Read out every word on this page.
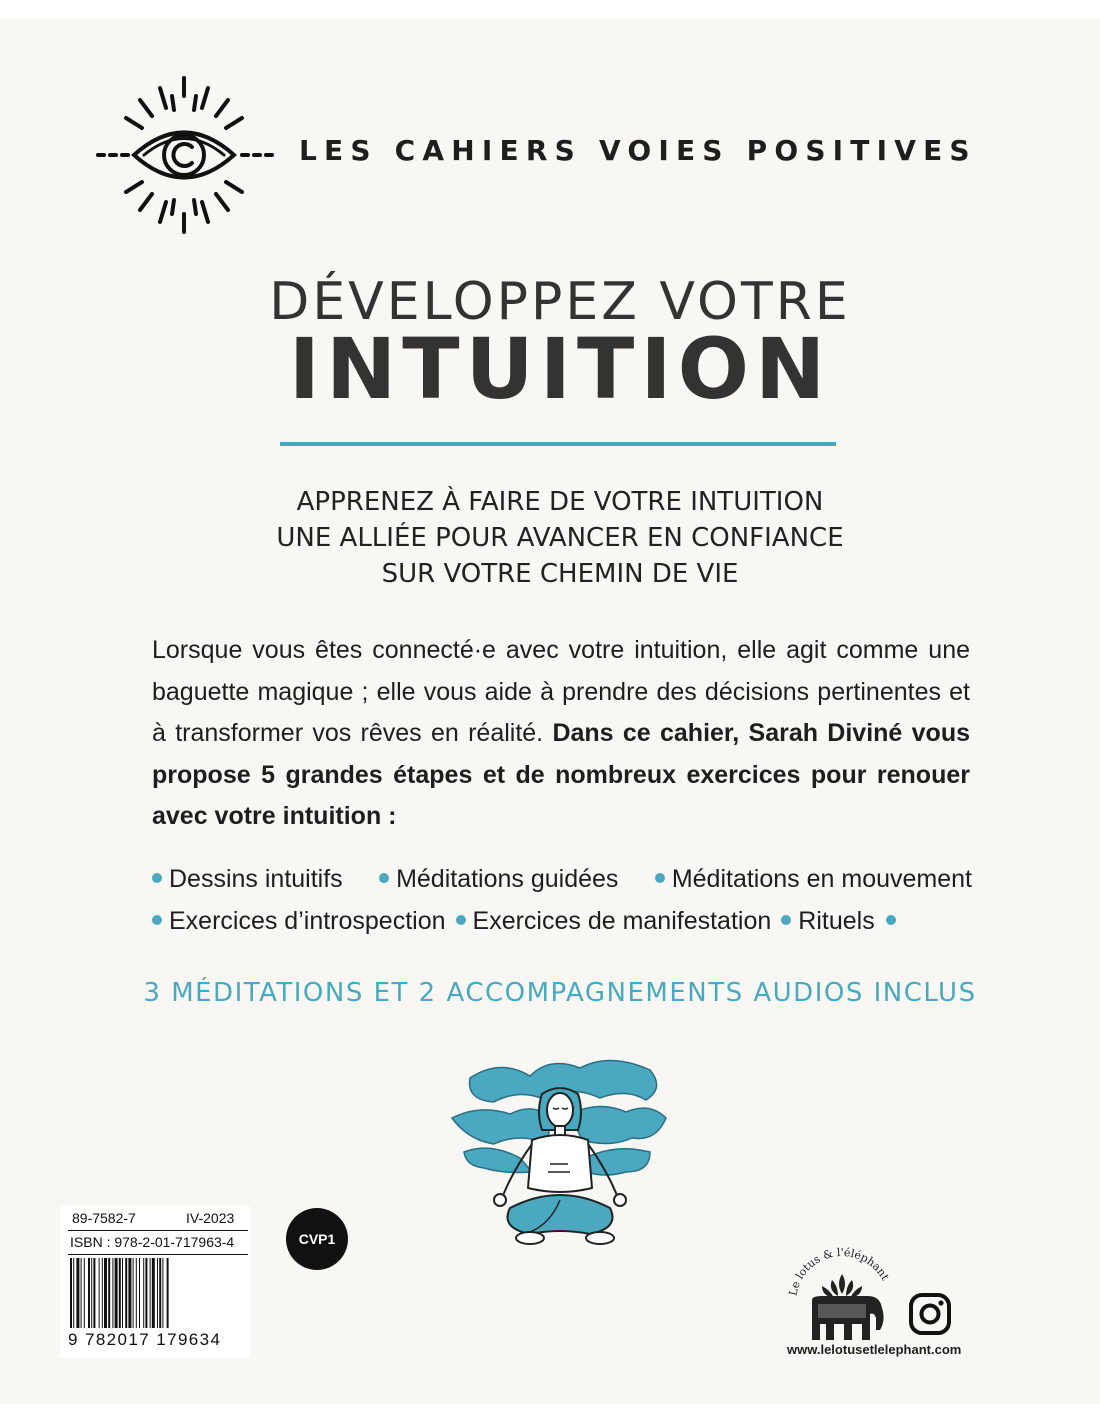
LES CAHIERS VOIES POSITIVES
DÉVELOPPEZ VOTRE
INTUITION
APPRENEZ À FAIRE DE VOTRE INTUITION
UNE ALLIÉE POUR AVANCER EN CONFIANCE
SUR VOTRE CHEMIN DE VIE
Lorsque vous êtes connecté·e avec votre intuition, elle agit comme une baguette magique ; elle vous aide à prendre des décisions pertinentes et à transformer vos rêves en réalité. Dans ce cahier, Sarah Diviné vous propose 5 grandes étapes et de nombreux exercices pour renouer avec votre intuition :
Dessins intuitifs	Méditations guidées	Méditations en mouvement
Exercices d’introspection	Exercices de manifestation	Rituels
3 MÉDITATIONS ET 2 ACCOMPAGNEMENTS AUDIOS INCLUS
89-7582-7	IV-2023
ISBN : 978-2-01-717963-4
9 782017 179634
CVP1
Le lotus & l'éléphant
www.lelotusetlelephant.com
